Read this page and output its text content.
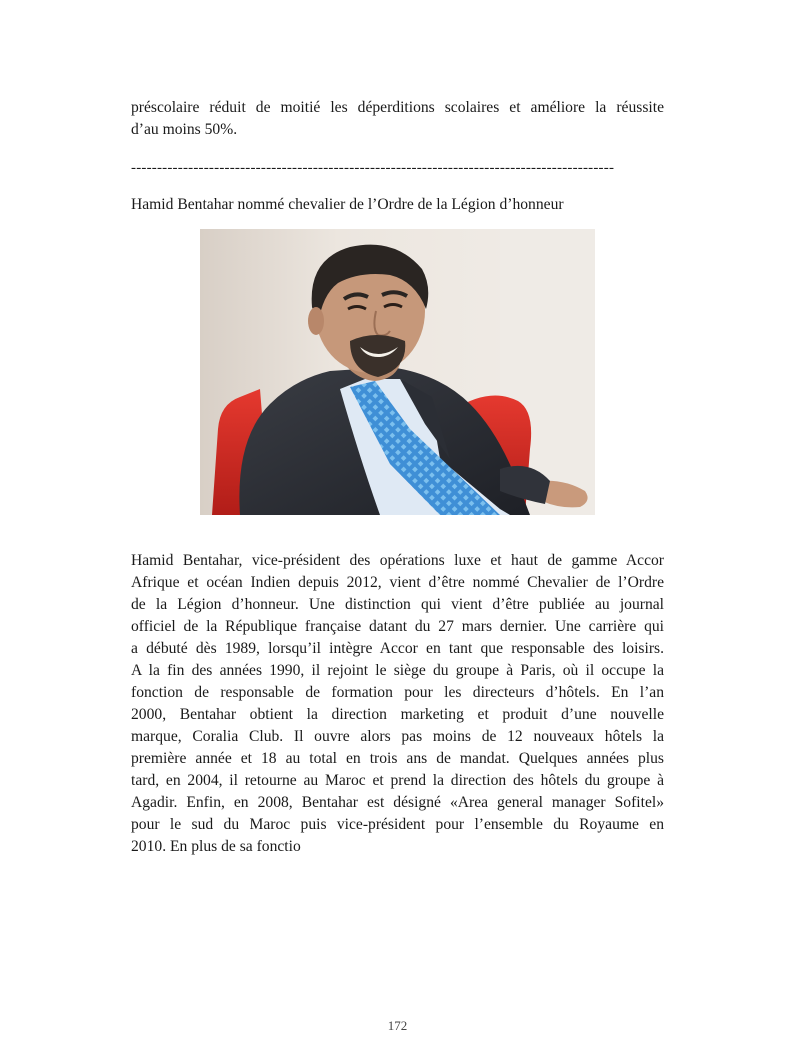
préscolaire réduit de moitié les déperditions scolaires et améliore la réussite
d’au moins 50%.
---------------------------------------------------------------------------------------------
Hamid Bentahar nommé chevalier de l’Ordre de la Légion d’honneur
Hamid Bentahar, vice-président des opérations luxe et haut de gamme Accor
Afrique et océan Indien depuis 2012, vient d’être nommé Chevalier de l’Ordre
de la Légion d’honneur. Une distinction qui vient d’être publiée au journal
officiel de la République française datant du 27 mars dernier. Une carrière qui
a débuté dès 1989, lorsqu’il intègre Accor en tant que responsable des loisirs.
A la fin des années 1990, il rejoint le siège du groupe à Paris, où il occupe la
fonction de responsable de formation pour les directeurs d’hôtels. En l’an
2000, Bentahar obtient la direction marketing et produit d’une nouvelle
marque, Coralia Club. Il ouvre alors pas moins de 12 nouveaux hôtels la
première année et 18 au total en trois ans de mandat. Quelques années plus
tard, en 2004, il retourne au Maroc et prend la direction des hôtels du groupe à
Agadir. Enfin, en 2008, Bentahar est désigné «Area general manager Sofitel»
pour le sud du Maroc puis vice-président pour l’ensemble du Royaume en
2010. En plus de sa fonctio
172
